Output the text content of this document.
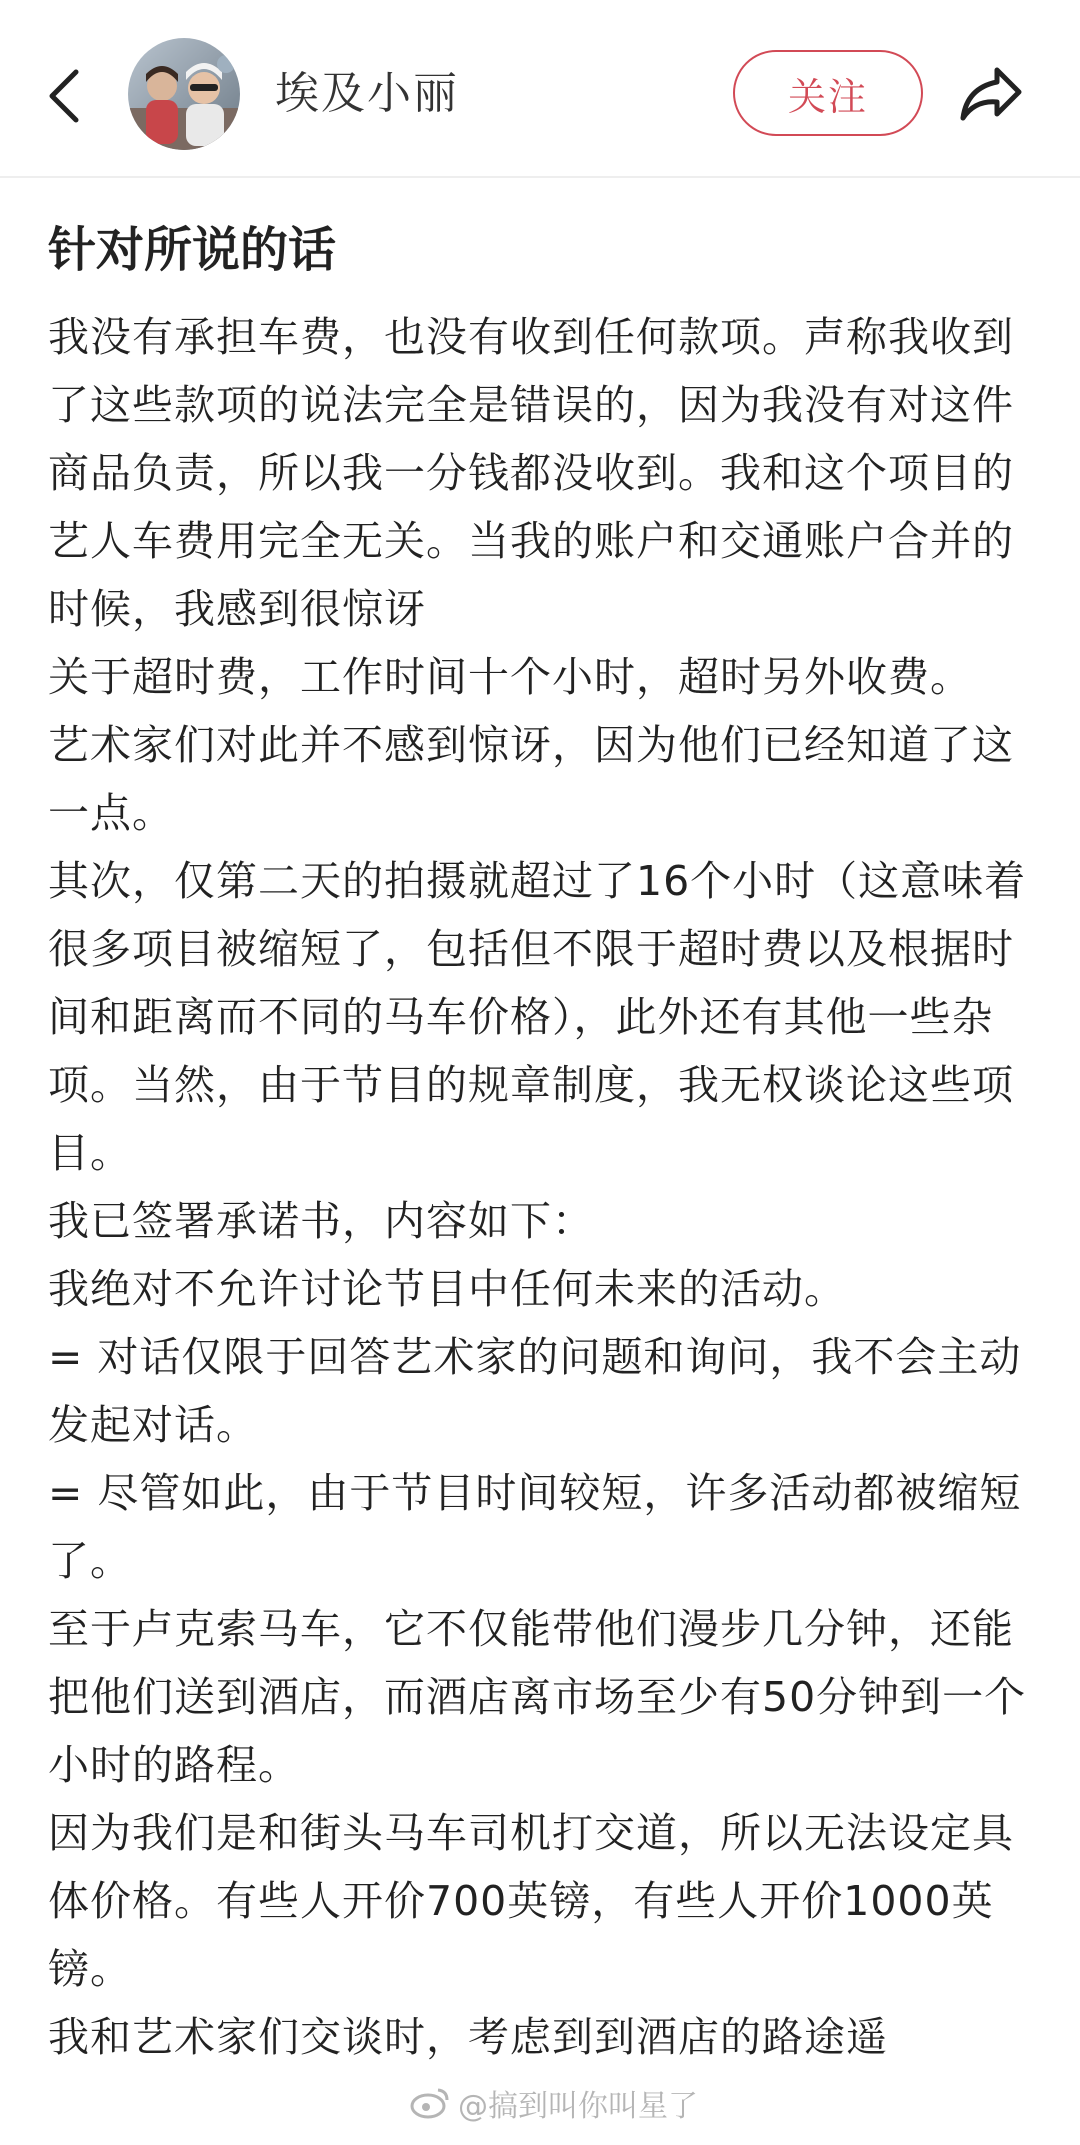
埃及小丽	关注
针对所说的话

我没有承担车费，也没有收到任何款项。声称我收到了这些款项的说法完全是错误的，因为我没有对这件商品负责，所以我一分钱都没收到。我和这个项目的艺人车费用完全无关。当我的账户和交通账户合并的时候，我感到很惊讶

关于超时费，工作时间十个小时，超时另外收费。

艺术家们对此并不感到惊讶，因为他们已经知道了这一点。

其次，仅第二天的拍摄就超过了16个小时（这意味着很多项目被缩短了，包括但不限于超时费以及根据时间和距离而不同的马车价格），此外还有其他一些杂项。当然，由于节目的规章制度，我无权谈论这些项目。

我已签署承诺书，内容如下：

我绝对不允许讨论节目中任何未来的活动。

= 对话仅限于回答艺术家的问题和询问，我不会主动发起对话。

= 尽管如此，由于节目时间较短，许多活动都被缩短了。

至于卢克索马车，它不仅能带他们漫步几分钟，还能把他们送到酒店，而酒店离市场至少有50分钟到一个小时的路程。

因为我们是和街头马车司机打交道，所以无法设定具体价格。有些人开价700英镑，有些人开价1000英镑。

我和艺术家们交谈时，考虑到到酒店的路途遥

@搞到叫你叫星了
